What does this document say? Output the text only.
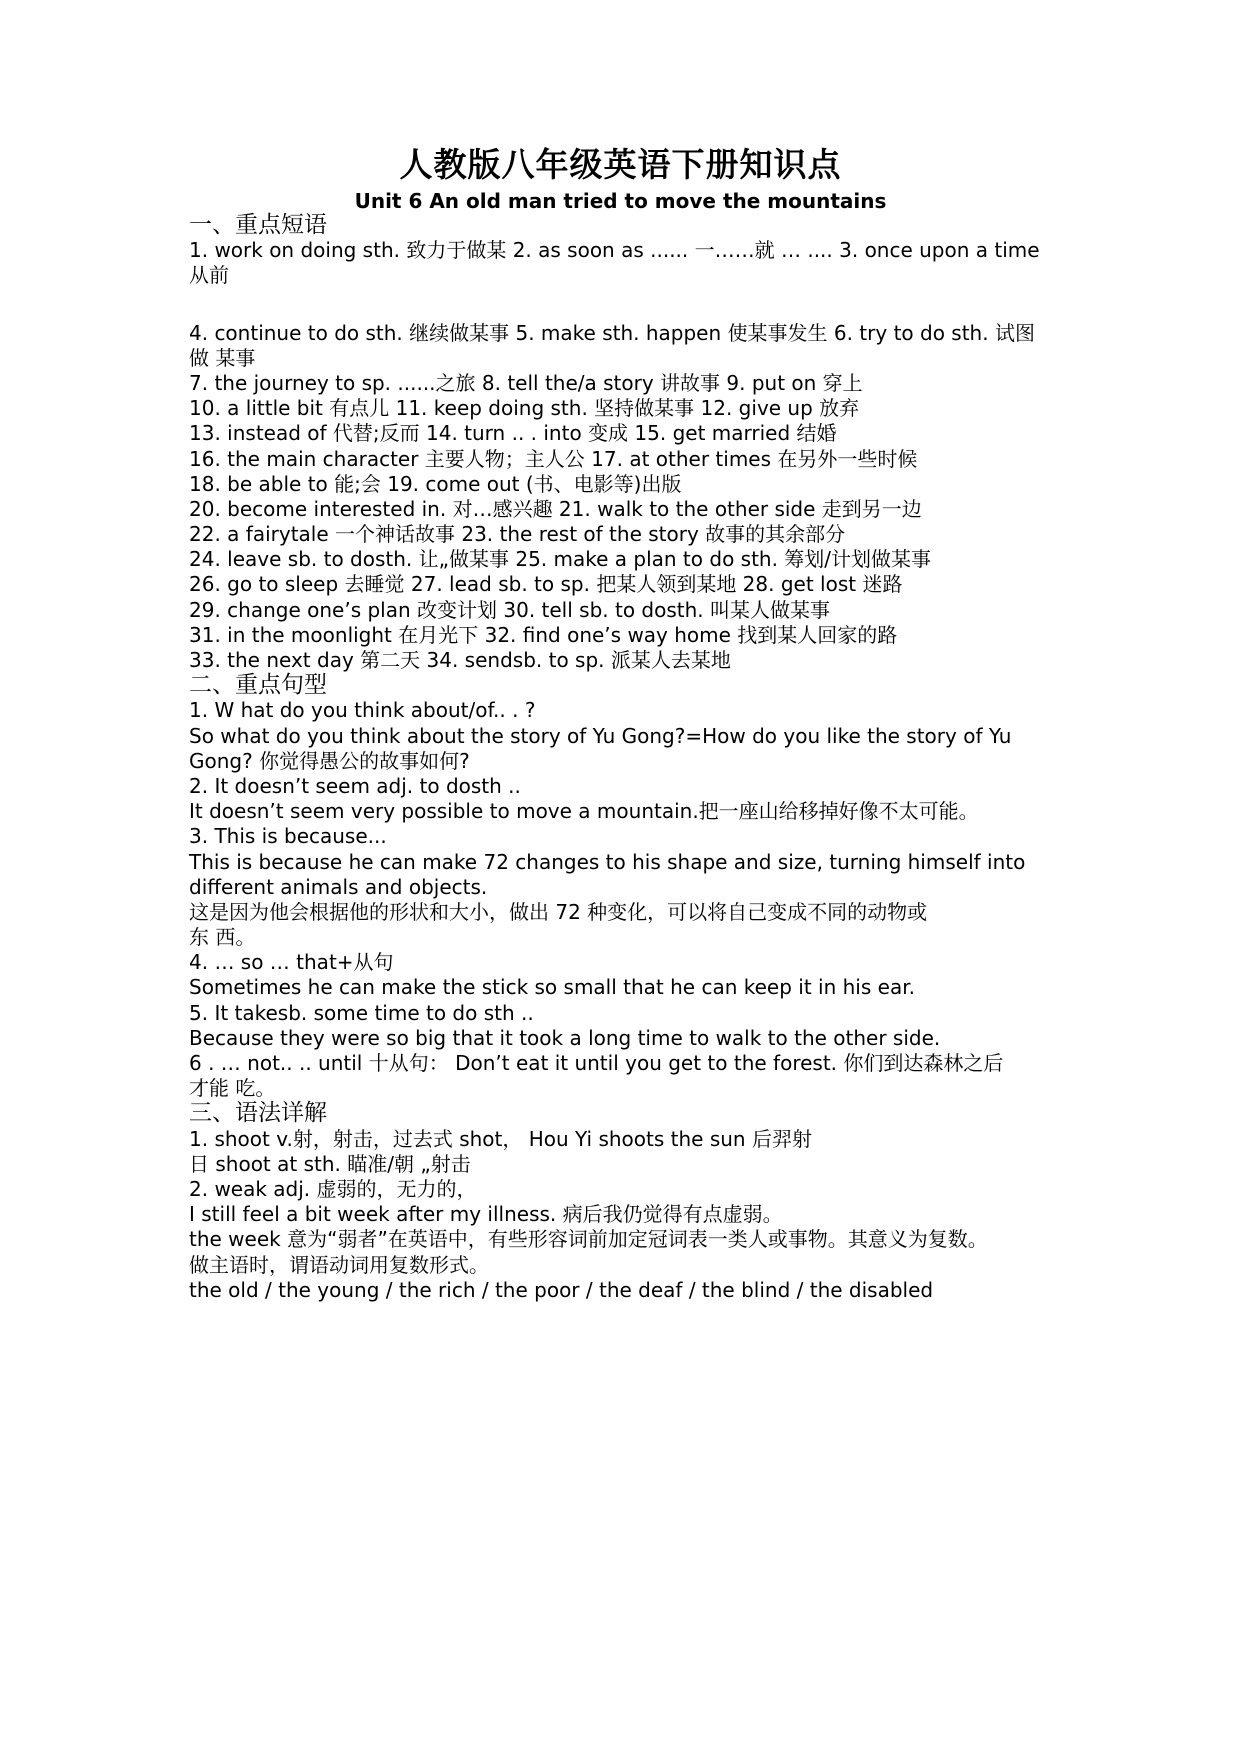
人教版八年级英语下册知识点
Unit 6 An old man tried to move the mountains
一、重点短语
1. work on doing sth. 致力于做某 2. as soon as ...... 一……就 … .... 3. once upon a time
从前
4. continue to do sth. 继续做某事 5. make sth. happen 使某事发生 6. try to do sth. 试图
做 某事
7. the journey to sp. ......之旅 8. tell the/a story 讲故事 9. put on 穿上
10. a little bit 有点儿 11. keep doing sth. 坚持做某事 12. give up 放弃
13. instead of 代替;反而 14. turn .. . into 变成 15. get married 结婚
16. the main character 主要人物；主人公 17. at other times 在另外一些时候
18. be able to 能;会 19. come out (书、电影等)出版
20. become interested in. 对…感兴趣 21. walk to the other side 走到另一边
22. a fairytale 一个神话故事 23. the rest of the story 故事的其余部分
24. leave sb. to dosth. 让„做某事 25. make a plan to do sth. 筹划/计划做某事
26. go to sleep 去睡觉 27. lead sb. to sp. 把某人领到某地 28. get lost 迷路
29. change one’s plan 改变计划 30. tell sb. to dosth. 叫某人做某事
31. in the moonlight 在月光下 32. find one’s way home 找到某人回家的路
33. the next day 第二天 34. sendsb. to sp. 派某人去某地
二、重点句型
1. W hat do you think about/of.. . ?
So what do you think about the story of Yu Gong?=How do you like the story of Yu
Gong? 你觉得愚公的故事如何?
2. It doesn’t seem adj. to dosth ..
It doesn’t seem very possible to move a mountain.把一座山给移掉好像不太可能。
3. This is because...
This is because he can make 72 changes to his shape and size, turning himself into
different animals and objects.
这是因为他会根据他的形状和大小，做出 72 种变化，可以将自己变成不同的动物或
东 西。
4. … so … that+从句
Sometimes he can make the stick so small that he can keep it in his ear.
5. It takesb. some time to do sth ..
Because they were so big that it took a long time to walk to the other side.
6 . … not.. .. until 十从句： Don’t eat it until you get to the forest. 你们到达森林之后
才能 吃。
三、语法详解
1. shoot v.射，射击，过去式 shot， Hou Yi shoots the sun 后羿射
日 shoot at sth. 瞄准/朝 „射击
2. weak adj. 虚弱的，无力的，
I still feel a bit week after my illness. 病后我仍觉得有点虚弱。
the week 意为“弱者”在英语中，有些形容词前加定冠词表一类人或事物。其意义为复数。
做主语时，谓语动词用复数形式。
the old / the young / the rich / the poor / the deaf / the blind / the disabled
